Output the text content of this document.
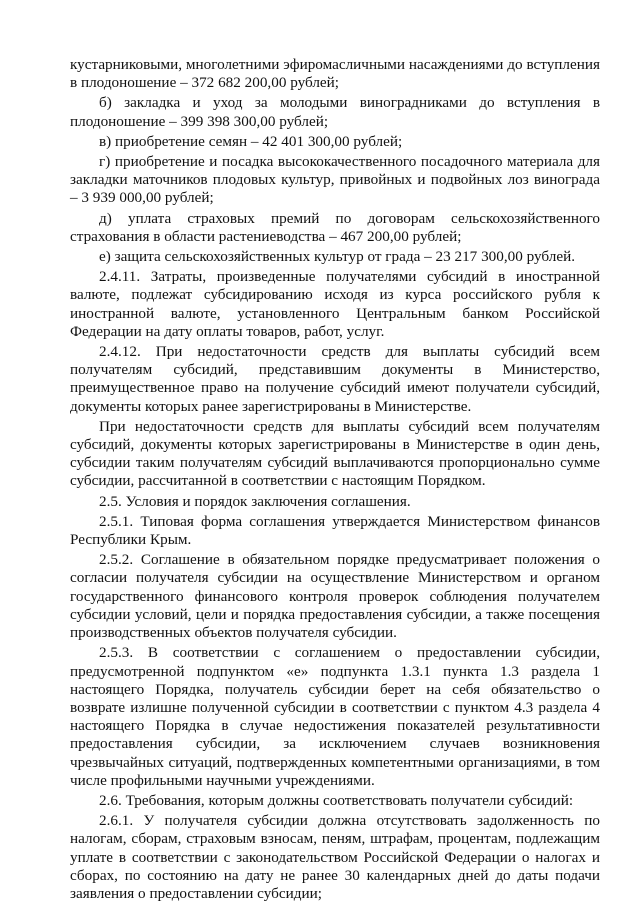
кустарниковыми, многолетними эфиромасличными насаждениями до вступления в плодоношение – 372 682 200,00 рублей;

б) закладка и уход за молодыми виноградниками до вступления в плодоношение – 399 398 300,00 рублей;

в) приобретение семян – 42 401 300,00 рублей;

г) приобретение и посадка высококачественного посадочного материала для закладки маточников плодовых культур, привойных и подвойных лоз винограда – 3 939 000,00 рублей;

д) уплата страховых премий по договорам сельскохозяйственного страхования в области растениеводства – 467 200,00 рублей;

е) защита сельскохозяйственных культур от града – 23 217 300,00 рублей.

2.4.11. Затраты, произведенные получателями субсидий в иностранной валюте, подлежат субсидированию исходя из курса российского рубля к иностранной валюте, установленного Центральным банком Российской Федерации на дату оплаты товаров, работ, услуг.

2.4.12. При недостаточности средств для выплаты субсидий всем получателям субсидий, представившим документы в Министерство, преимущественное право на получение субсидий имеют получатели субсидий, документы которых ранее зарегистрированы в Министерстве.

При недостаточности средств для выплаты субсидий всем получателям субсидий, документы которых зарегистрированы в Министерстве в один день, субсидии таким получателям субсидий выплачиваются пропорционально сумме субсидии, рассчитанной в соответствии с настоящим Порядком.

2.5. Условия и порядок заключения соглашения.

2.5.1. Типовая форма соглашения утверждается Министерством финансов Республики Крым.

2.5.2. Соглашение в обязательном порядке предусматривает положения о согласии получателя субсидии на осуществление Министерством и органом государственного финансового контроля проверок соблюдения получателем субсидии условий, цели и порядка предоставления субсидии, а также посещения производственных объектов получателя субсидии.

2.5.3. В соответствии с соглашением о предоставлении субсидии, предусмотренной подпунктом «е» подпункта 1.3.1 пункта 1.3 раздела 1 настоящего Порядка, получатель субсидии берет на себя обязательство о возврате излишне полученной субсидии в соответствии с пунктом 4.3 раздела 4 настоящего Порядка в случае недостижения показателей результативности предоставления субсидии, за исключением случаев возникновения чрезвычайных ситуаций, подтвержденных компетентными организациями, в том числе профильными научными учреждениями.

2.6. Требования, которым должны соответствовать получатели субсидий:

2.6.1. У получателя субсидии должна отсутствовать задолженность по налогам, сборам, страховым взносам, пеням, штрафам, процентам, подлежащим уплате в соответствии с законодательством Российской Федерации о налогах и сборах, по состоянию на дату не ранее 30 календарных дней до даты подачи заявления о предоставлении субсидии;
